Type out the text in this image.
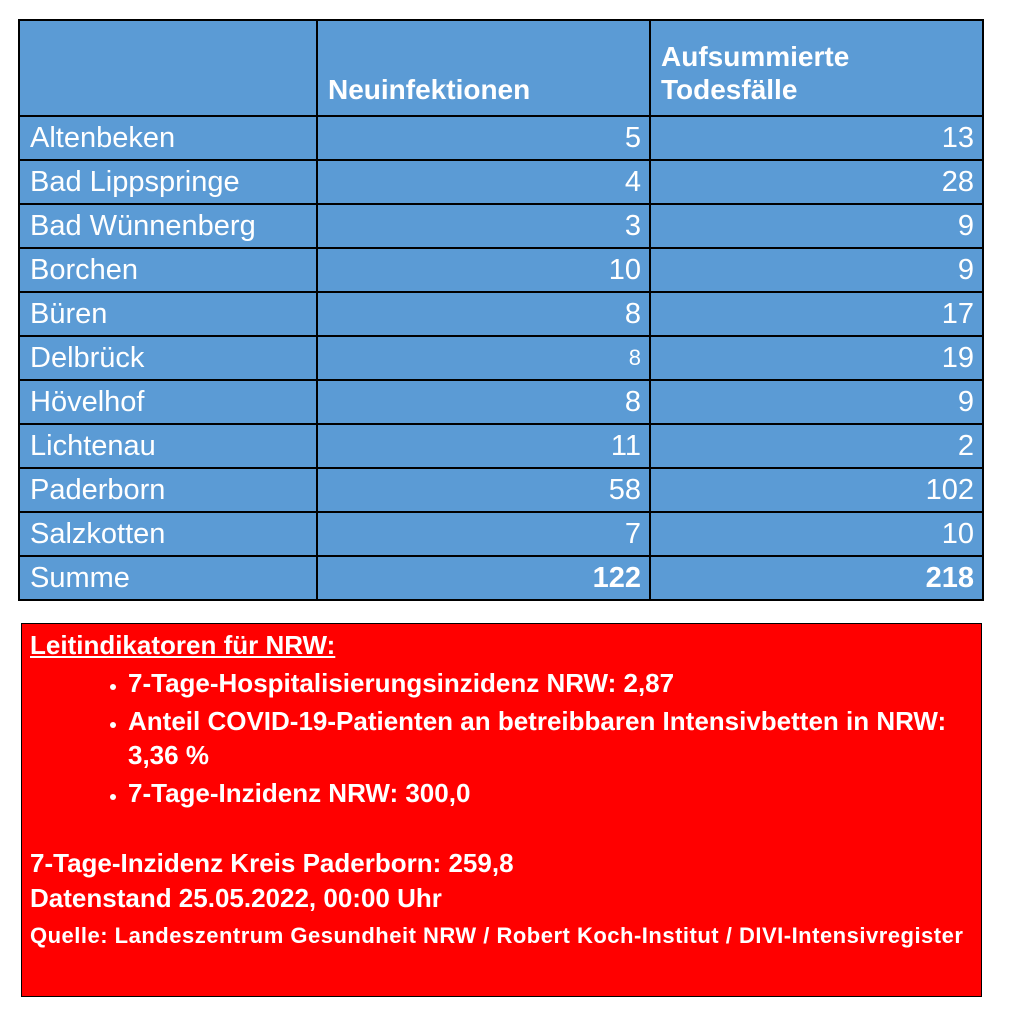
	Neuinfektionen	Aufsummierte Todesfälle
Altenbeken	5	13
Bad Lippspringe	4	28
Bad Wünnenberg	3	9
Borchen	10	9
Büren	8	17
Delbrück	8	19
Hövelhof	8	9
Lichtenau	11	2
Paderborn	58	102
Salzkotten	7	10
Summe	122	218
Leitindikatoren für NRW:
• 7-Tage-Hospitalisierungsinzidenz NRW: 2,87
• Anteil COVID-19-Patienten an betreibbaren Intensivbetten in NRW: 3,36 %
• 7-Tage-Inzidenz NRW: 300,0

7-Tage-Inzidenz Kreis Paderborn: 259,8

Datenstand 25.05.2022, 00:00 Uhr

Quelle: Landeszentrum Gesundheit NRW / Robert Koch-Institut / DIVI-Intensivregister
